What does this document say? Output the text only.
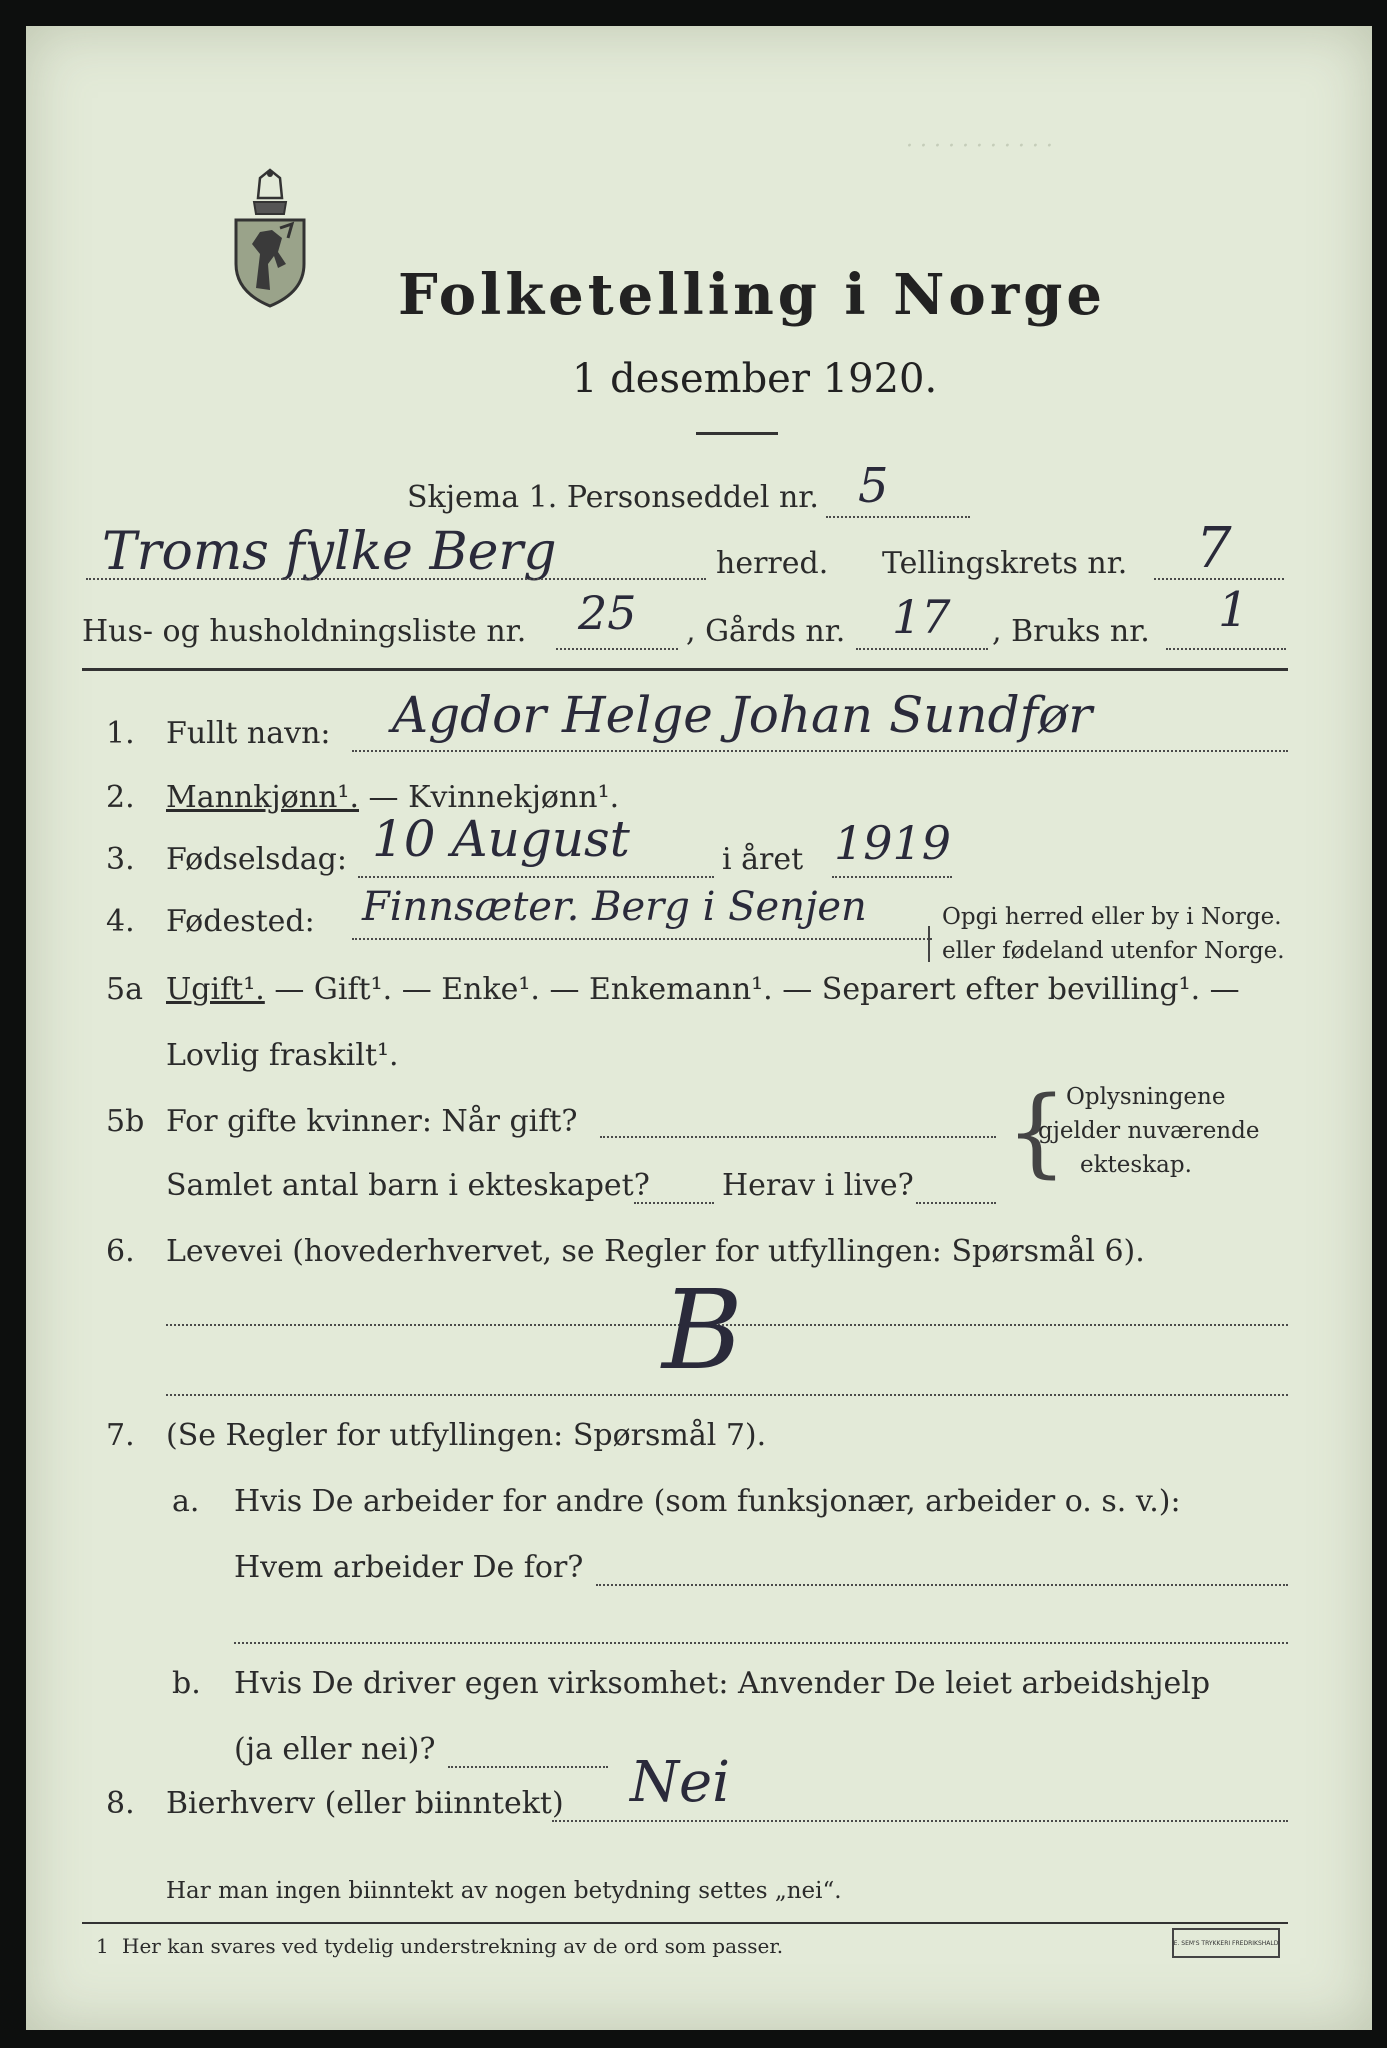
Folketelling i Norge
1 desember 1920.
Skjema 1. Personseddel nr. 5
Troms fylke Berg	herred. Tellingskrets nr. 7
Hus- og husholdningsliste nr. 25 , Gårds nr. 17 , Bruks nr. 1
· · · · · · · · · · ·
1. Fullt navn: Agdor Helge Johan Sundfør
2. Mannkjønn¹. — Kvinnekjønn¹.
3. Fødselsdag: 10 August	i året 1919
4. Fødested: Finnsæter. Berg i Senjen	Opgi herred eller by i Norge.
eller fødeland utenfor Norge.
5a Ugift¹. — Gift¹. — Enke¹. — Enkemann¹. — Separert efter bevilling¹. —
Lovlig fraskilt¹.
5b For gifte kvinner: Når gift?
Samlet antal barn i ekteskapet? Herav i live? {
Oplysningene
gjelder nuværende
ekteskap.
6. Levevei (hovederhvervet, se Regler for utfyllingen: Spørsmål 6).
B
7. (Se Regler for utfyllingen: Spørsmål 7).
a. Hvis De arbeider for andre (som funksjonær, arbeider o. s. v.):
Hvem arbeider De for?
b. Hvis De driver egen virksomhet: Anvender De leiet arbeidshjelp
(ja eller nei)?
8. Bierhverv (eller biinntekt) Nei
Har man ingen biinntekt av nogen betydning settes „nei“.
1 Her kan svares ved tydelig understrekning av de ord som passer.	E. SEM'S TRYKKERI FREDRIKSHALD
